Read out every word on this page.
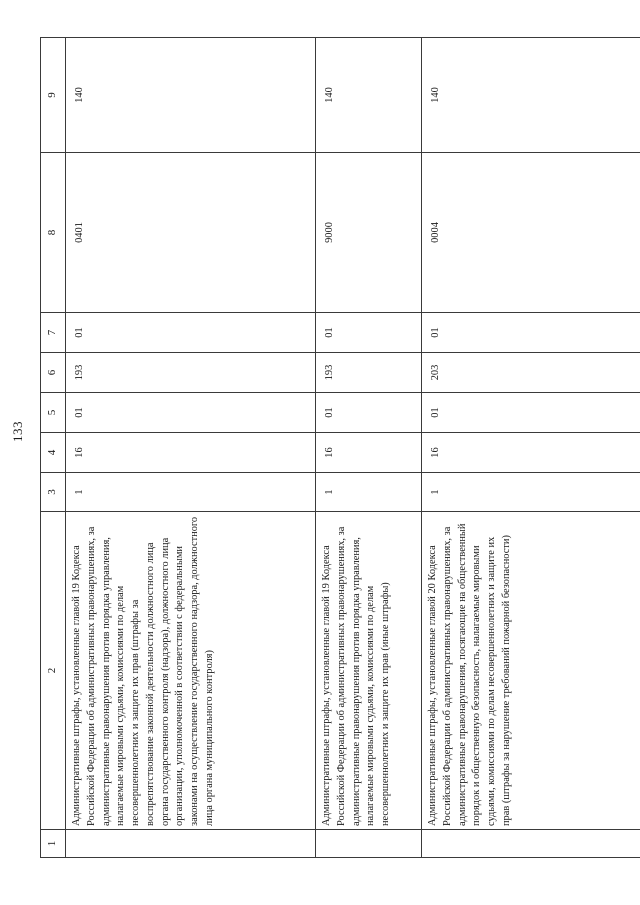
133
1	2	3	4	5	6	7	8	9
	Административные штрафы, установленные главой 19 Кодекса Российской Федерации об административных правонарушениях, за административные правонарушения против порядка управления, налагаемые мировыми судьями, комиссиями по делам несовершеннолетних и защите их прав (штрафы за воспрепятствование законной деятельности должностного лица органа государственного контроля (надзора), должностного лица организации, уполномоченной в соответствии с федеральными законами на осуществление государственного надзора, должностного лица органа муниципального контроля)	1	16	01	193	01	0401	140

	Административные штрафы, установленные главой 19 Кодекса Российской Федерации об административных правонарушениях, за административные правонарушения против порядка управления, налагаемые мировыми судьями, комиссиями по делам несовершеннолетних и защите их прав (иные штрафы)	1	16	01	193	01	9000	140

	Административные штрафы, установленные главой 20 Кодекса Российской Федерации об административных правонарушениях, за административные правонарушения, посягающие на общественный порядок и общественную безопасность, налагаемые мировыми судьями, комиссиями по делам несовершеннолетних и защите их прав (штрафы за нарушение требований пожарной безопасности)	1	16	01	203	01	0004	140
